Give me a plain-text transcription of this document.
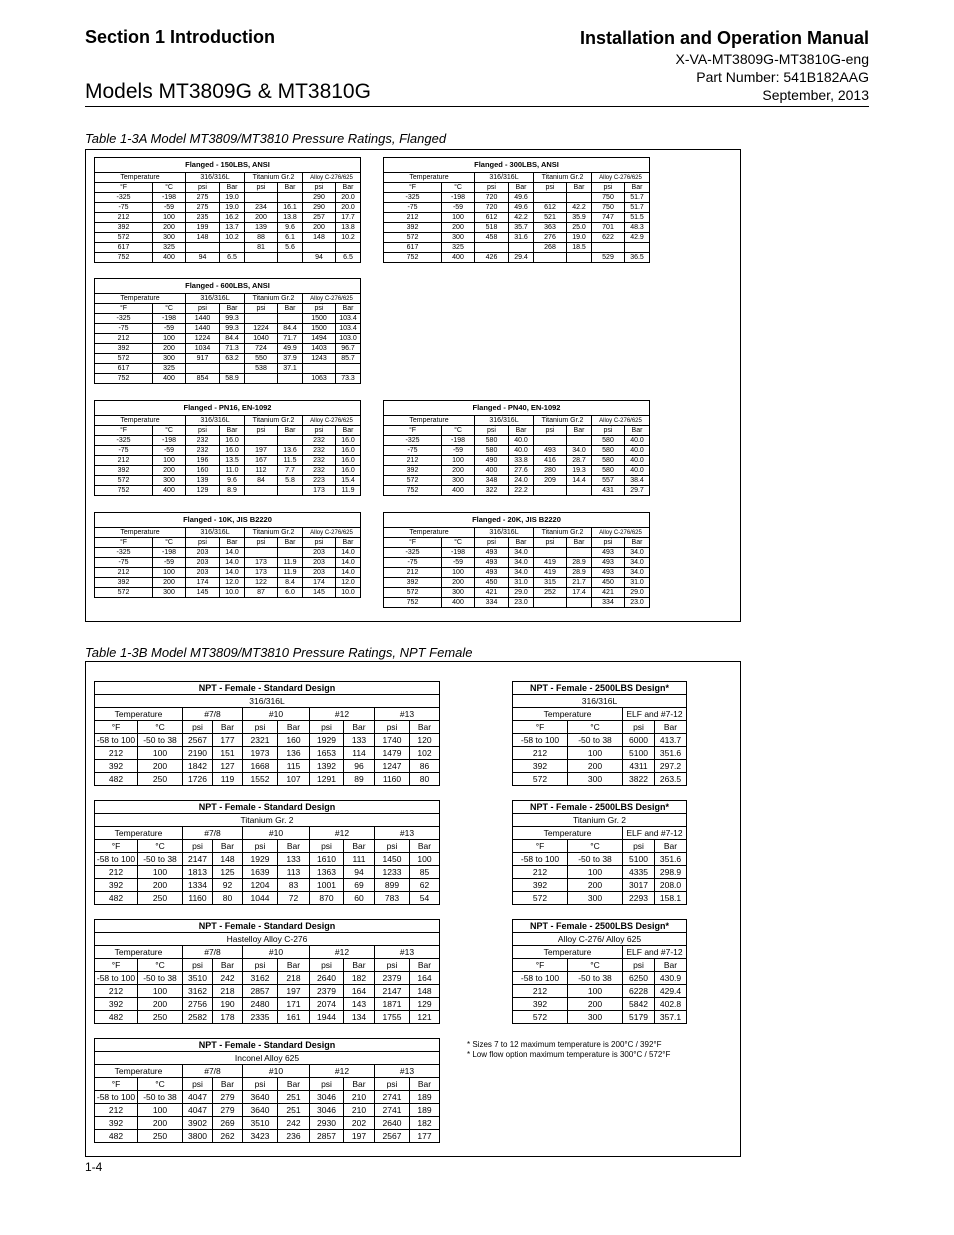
Section 1 Introduction	Installation and Operation Manual
X-VA-MT3809G-MT3810G-eng
Part Number: 541B182AAG
September, 2013
Models MT3809G & MT3810G
Table 1-3A Model MT3809/MT3810 Pressure Ratings, Flanged
Flanged - 150LBS, ANSI							
Temperature		316/316L		Titanium Gr.2		Alloy C-276/625	
°F	°C	psi	Bar	psi	Bar	psi	Bar
-325	-198	275	19.0			290	20.0
-75	-59	275	19.0	234	16.1	290	20.0
212	100	235	16.2	200	13.8	257	17.7
392	200	199	13.7	139	9.6	200	13.8
572	300	148	10.2	88	6.1	148	10.2
617	325			81	5.6		
752	400	94	6.5			94	6.5
Flanged - 300LBS, ANSI							
Temperature		316/316L		Titanium Gr.2		Alloy C-276/625	
°F	°C	psi	Bar	psi	Bar	psi	Bar
-325	-198	720	49.6			750	51.7
-75	-59	720	49.6	612	42.2	750	51.7
212	100	612	42.2	521	35.9	747	51.5
392	200	518	35.7	363	25.0	701	48.3
572	300	458	31.6	276	19.0	622	42.9
617	325			268	18.5		
752	400	426	29.4			529	36.5
Flanged - 600LBS, ANSI							
Temperature		316/316L		Titanium Gr.2		Alloy C-276/625	
°F	°C	psi	Bar	psi	Bar	psi	Bar
-325	-198	1440	99.3			1500	103.4
-75	-59	1440	99.3	1224	84.4	1500	103.4
212	100	1224	84.4	1040	71.7	1494	103.0
392	200	1034	71.3	724	49.9	1403	96.7
572	300	917	63.2	550	37.9	1243	85.7
617	325			538	37.1		
752	400	854	58.9			1063	73.3
Flanged - PN16, EN-1092							
Temperature		316/316L		Titanium Gr.2		Alloy C-276/625	
°F	°C	psi	Bar	psi	Bar	psi	Bar
-325	-198	232	16.0			232	16.0
-75	-59	232	16.0	197	13.6	232	16.0
212	100	196	13.5	167	11.5	232	16.0
392	200	160	11.0	112	7.7	232	16.0
572	300	139	9.6	84	5.8	223	15.4
752	400	129	8.9			173	11.9
Flanged - PN40, EN-1092							
Temperature		316/316L		Titanium Gr.2		Alloy C-276/625	
°F	°C	psi	Bar	psi	Bar	psi	Bar
-325	-198	580	40.0			580	40.0
-75	-59	580	40.0	493	34.0	580	40.0
212	100	490	33.8	416	28.7	580	40.0
392	200	400	27.6	280	19.3	580	40.0
572	300	348	24.0	209	14.4	557	38.4
752	400	322	22.2			431	29.7
Flanged - 10K, JIS B2220							
Temperature		316/316L		Titanium Gr.2		Alloy C-276/625	
°F	°C	psi	Bar	psi	Bar	psi	Bar
-325	-198	203	14.0			203	14.0
-75	-59	203	14.0	173	11.9	203	14.0
212	100	203	14.0	173	11.9	203	14.0
392	200	174	12.0	122	8.4	174	12.0
572	300	145	10.0	87	6.0	145	10.0
Flanged - 20K, JIS B2220							
Temperature		316/316L		Titanium Gr.2		Alloy C-276/625	
°F	°C	psi	Bar	psi	Bar	psi	Bar
-325	-198	493	34.0			493	34.0
-75	-59	493	34.0	419	28.9	493	34.0
212	100	493	34.0	419	28.9	493	34.0
392	200	450	31.0	315	21.7	450	31.0
572	300	421	29.0	252	17.4	421	29.0
752	400	334	23.0			334	23.0
Table 1-3B Model MT3809/MT3810 Pressure Ratings, NPT Female
NPT - Female - Standard Design									
316/316L									
Temperature		#7/8		#10		#12		#13	
°F	°C	psi	Bar	psi	Bar	psi	Bar	psi	Bar
-58 to 100	-50 to 38	2567	177	2321	160	1929	133	1740	120
212	100	2190	151	1973	136	1653	114	1479	102
392	200	1842	127	1668	115	1392	96	1247	86
482	250	1726	119	1552	107	1291	89	1160	80
NPT - Female - Standard Design									
Titanium Gr. 2									
Temperature		#7/8		#10		#12		#13	
°F	°C	psi	Bar	psi	Bar	psi	Bar	psi	Bar
-58 to 100	-50 to 38	2147	148	1929	133	1610	111	1450	100
212	100	1813	125	1639	113	1363	94	1233	85
392	200	1334	92	1204	83	1001	69	899	62
482	250	1160	80	1044	72	870	60	783	54
NPT - Female - Standard Design									
Hastelloy Alloy C-276									
Temperature		#7/8		#10		#12		#13	
°F	°C	psi	Bar	psi	Bar	psi	Bar	psi	Bar
-58 to 100	-50 to 38	3510	242	3162	218	2640	182	2379	164
212	100	3162	218	2857	197	2379	164	2147	148
392	200	2756	190	2480	171	2074	143	1871	129
482	250	2582	178	2335	161	1944	134	1755	121
NPT - Female - Standard Design									
Inconel Alloy 625									
Temperature		#7/8		#10		#12		#13	
°F	°C	psi	Bar	psi	Bar	psi	Bar	psi	Bar
-58 to 100	-50 to 38	4047	279	3640	251	3046	210	2741	189
212	100	4047	279	3640	251	3046	210	2741	189
392	200	3902	269	3510	242	2930	202	2640	182
482	250	3800	262	3423	236	2857	197	2567	177
NPT - Female - 2500LBS Design*			
316/316L			
Temperature		ELF and #7-12	
°F	°C	psi	Bar
-58 to 100	-50 to 38	6000	413.7
212	100	5100	351.6
392	200	4311	297.2
572	300	3822	263.5
NPT - Female - 2500LBS Design*			
Titanium Gr. 2			
Temperature		ELF and #7-12	
°F	°C	psi	Bar
-58 to 100	-50 to 38	5100	351.6
212	100	4335	298.9
392	200	3017	208.0
572	300	2293	158.1
NPT - Female - 2500LBS Design*			
Alloy C-276/ Alloy 625			
Temperature		ELF and #7-12	
°F	°C	psi	Bar
-58 to 100	-50 to 38	6250	430.9
212	100	6228	429.4
392	200	5842	402.8
572	300	5179	357.1
* Sizes 7 to 12 maximum temperature is 200°C / 392°F
* Low flow option maximum temperature is 300°C / 572°F
1-4
